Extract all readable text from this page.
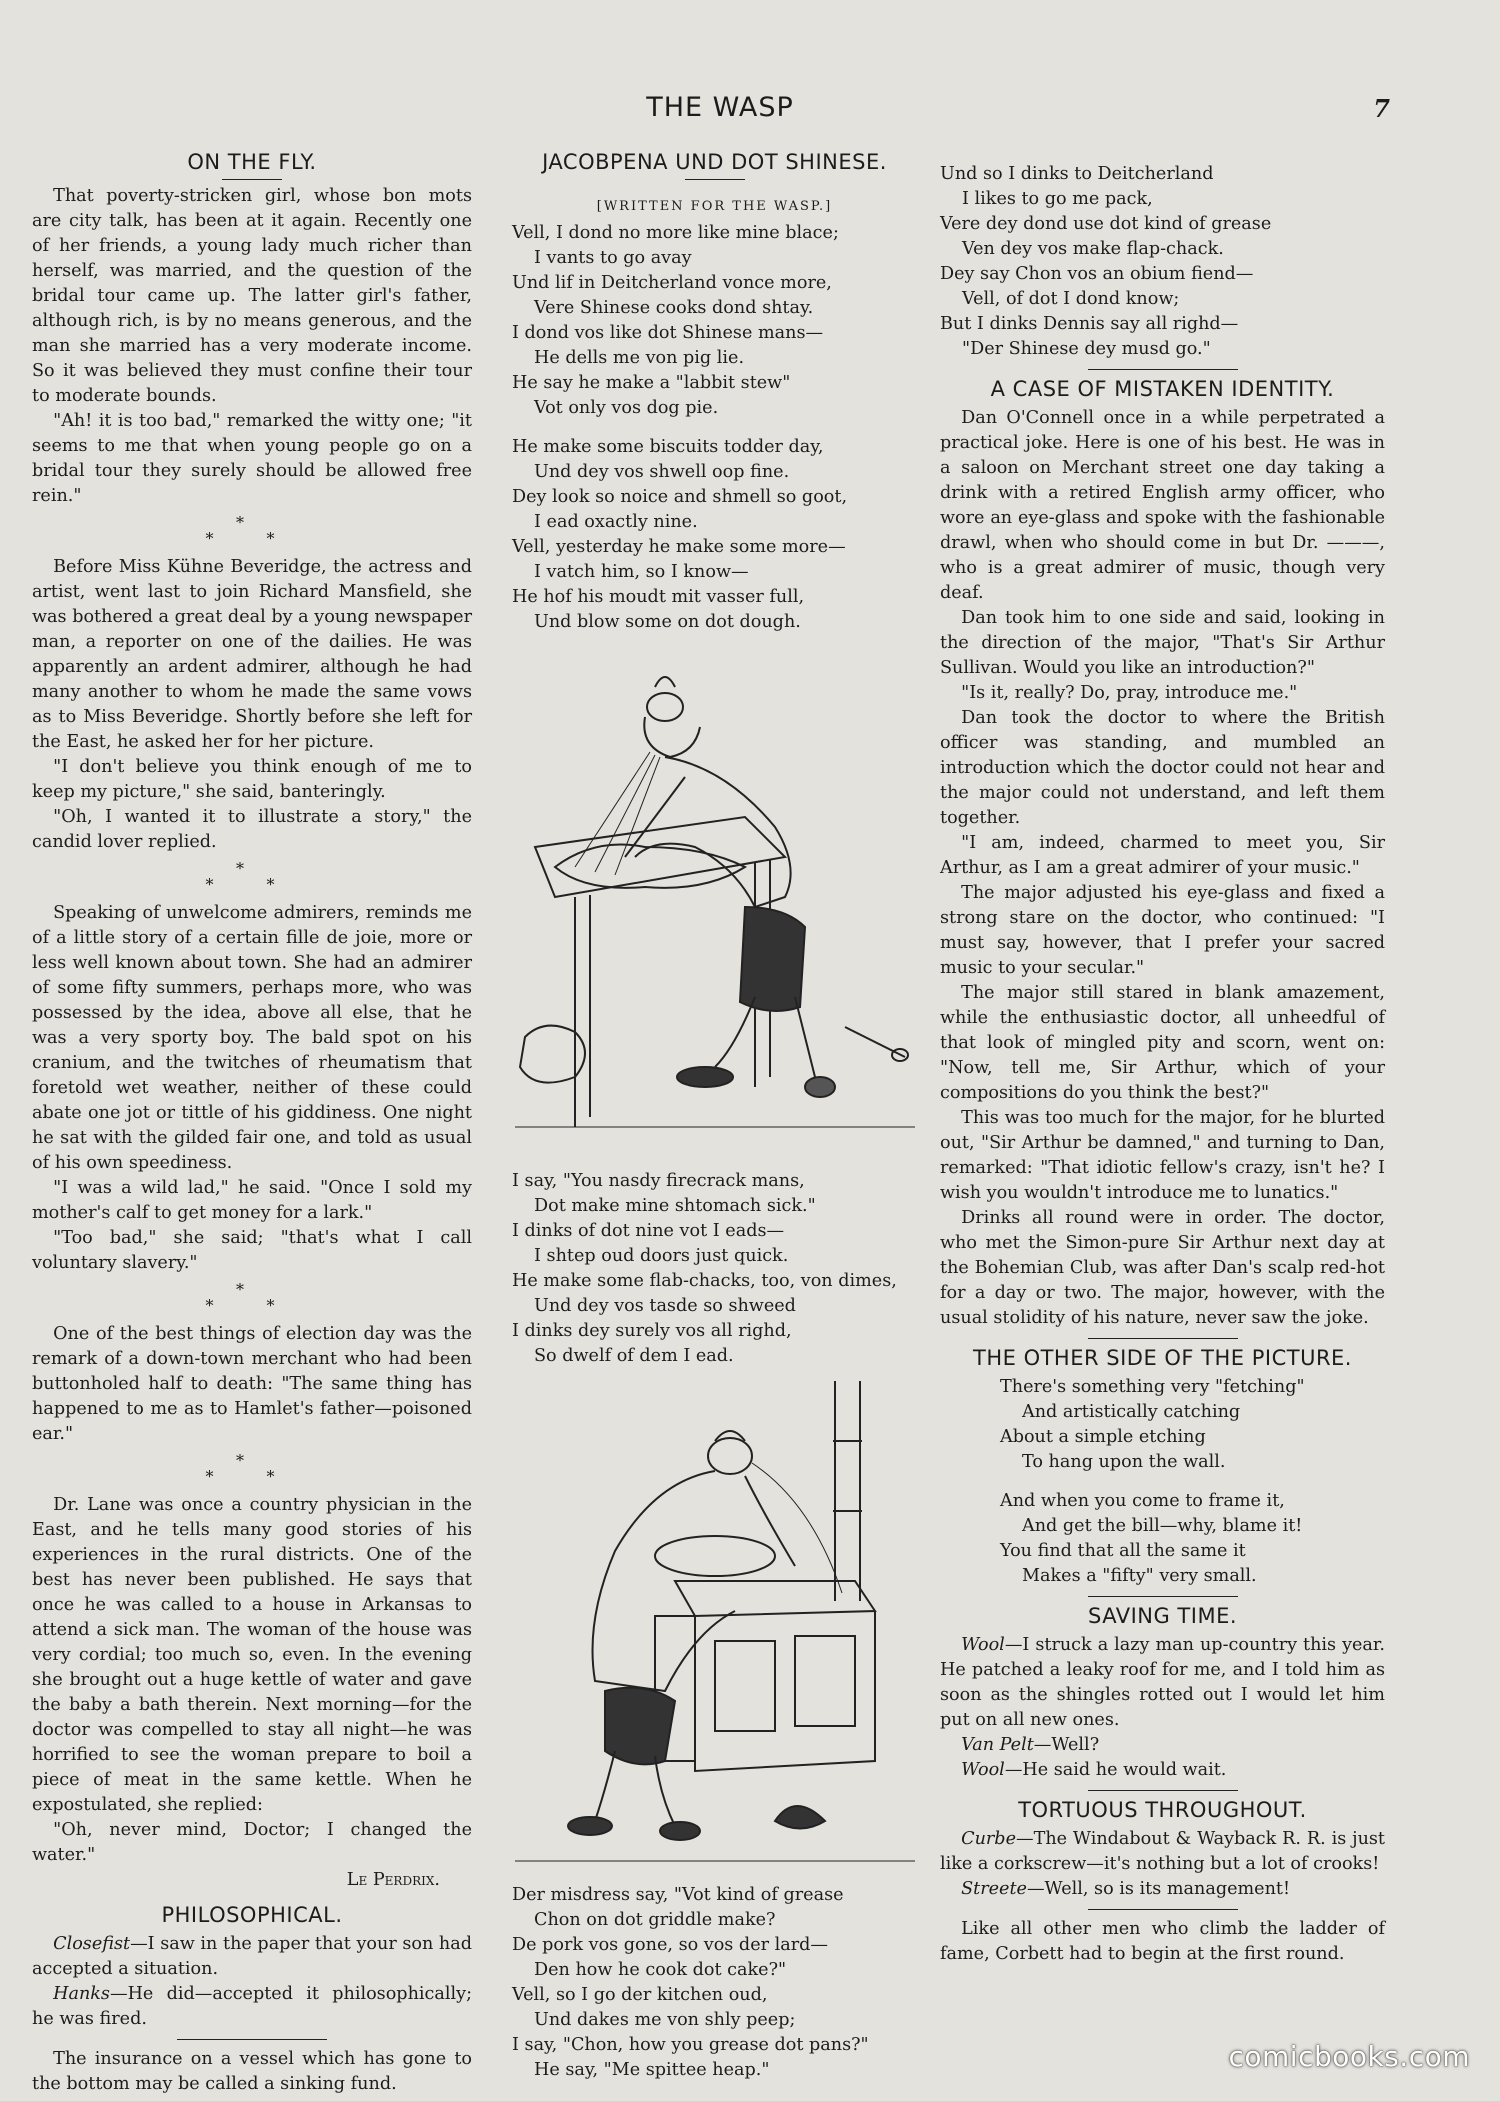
THE WASP	7
ON THE FLY.

That poverty-stricken girl, whose bon mots are city talk, has been at it again. Recently one of her friends, a young lady much richer than herself, was married, and the question of the bridal tour came up. The latter girl's father, although rich, is by no means generous, and the man she married has a very moderate income. So it was believed they must confine their tour to moderate bounds.

"Ah! it is too bad," remarked the witty one; "it seems to me that when young people go on a bridal tour they surely should be allowed free rein."

*
* *

Before Miss Kühne Beveridge, the actress and artist, went last to join Richard Mansfield, she was bothered a great deal by a young newspaper man, a reporter on one of the dailies. He was apparently an ardent admirer, although he had many another to whom he made the same vows as to Miss Beveridge. Shortly before she left for the East, he asked her for her picture.

"I don't believe you think enough of me to keep my picture," she said, banteringly.

"Oh, I wanted it to illustrate a story," the candid lover replied.

*
* *

Speaking of unwelcome admirers, reminds me of a little story of a certain fille de joie, more or less well known about town. She had an admirer of some fifty summers, perhaps more, who was possessed by the idea, above all else, that he was a very sporty boy. The bald spot on his cranium, and the twitches of rheumatism that foretold wet weather, neither of these could abate one jot or tittle of his giddiness. One night he sat with the gilded fair one, and told as usual of his own speediness.

"I was a wild lad," he said. "Once I sold my mother's calf to get money for a lark."

"Too bad," she said; "that's what I call voluntary slavery."

*
* *

One of the best things of election day was the remark of a down-town merchant who had been buttonholed half to death: "The same thing has happened to me as to Hamlet's father—poisoned ear."

*
* *

Dr. Lane was once a country physician in the East, and he tells many good stories of his experiences in the rural districts. One of the best has never been published. He says that once he was called to a house in Arkansas to attend a sick man. The woman of the house was very cordial; too much so, even. In the evening she brought out a huge kettle of water and gave the baby a bath therein. Next morning—for the doctor was compelled to stay all night—he was horrified to see the woman prepare to boil a piece of meat in the same kettle. When he expostulated, she replied:

"Oh, never mind, Doctor; I changed the water."

Le Perdrix.
PHILOSOPHICAL.

Closefist—I saw in the paper that your son had accepted a situation.

Hanks—He did—accepted it philosophically; he was fired.

The insurance on a vessel which has gone to the bottom may be called a sinking fund.

JACOBPENA UND DOT SHINESE.
[WRITTEN FOR THE WASP.]
Vell, I dond no more like mine blace;
I vants to go avay
Und lif in Deitcherland vonce more,
Vere Shinese cooks dond shtay.
I dond vos like dot Shinese mans—
He dells me von pig lie.
He say he make a "labbit stew"
Vot only vos dog pie.
He make some biscuits todder day,
Und dey vos shwell oop fine.
Dey look so noice and shmell so goot,
I ead oxactly nine.
Vell, yesterday he make some more—
I vatch him, so I know—
He hof his moudt mit vasser full,
Und blow some on dot dough.
I say, "You nasdy firecrack mans,
Dot make mine shtomach sick."
I dinks of dot nine vot I eads—
I shtep oud doors just quick.
He make some flab-chacks, too, von dimes,
Und dey vos tasde so shweed
I dinks dey surely vos all righd,
So dwelf of dem I ead.
Der misdress say, "Vot kind of grease
Chon on dot griddle make?
De pork vos gone, so vos der lard—
Den how he cook dot cake?"
Vell, so I go der kitchen oud,
Und dakes me von shly peep;
I say, "Chon, how you grease dot pans?"
He say, "Me spittee heap."
Und so I dinks to Deitcherland
I likes to go me pack,
Vere dey dond use dot kind of grease
Ven dey vos make flap-chack.
Dey say Chon vos an obium fiend—
Vell, of dot I dond know;
But I dinks Dennis say all righd—
"Der Shinese dey musd go."
A CASE OF MISTAKEN IDENTITY.

Dan O'Connell once in a while perpetrated a practical joke. Here is one of his best. He was in a saloon on Merchant street one day taking a drink with a retired English army officer, who wore an eye-glass and spoke with the fashionable drawl, when who should come in but Dr. ———, who is a great admirer of music, though very deaf.

Dan took him to one side and said, looking in the direction of the major, "That's Sir Arthur Sullivan. Would you like an introduction?"

"Is it, really? Do, pray, introduce me."

Dan took the doctor to where the British officer was standing, and mumbled an introduction which the doctor could not hear and the major could not understand, and left them together.

"I am, indeed, charmed to meet you, Sir Arthur, as I am a great admirer of your music."

The major adjusted his eye-glass and fixed a strong stare on the doctor, who continued: "I must say, however, that I prefer your sacred music to your secular."

The major still stared in blank amazement, while the enthusiastic doctor, all unheedful of that look of mingled pity and scorn, went on: "Now, tell me, Sir Arthur, which of your compositions do you think the best?"

This was too much for the major, for he blurted out, "Sir Arthur be damned," and turning to Dan, remarked: "That idiotic fellow's crazy, isn't he? I wish you wouldn't introduce me to lunatics."

Drinks all round were in order. The doctor, who met the Simon-pure Sir Arthur next day at the Bohemian Club, was after Dan's scalp red-hot for a day or two. The major, however, with the usual stolidity of his nature, never saw the joke.

THE OTHER SIDE OF THE PICTURE.
There's something very "fetching"
And artistically catching
About a simple etching
To hang upon the wall.
And when you come to frame it,
And get the bill—why, blame it!
You find that all the same it
Makes a "fifty" very small.
SAVING TIME.

Wool—I struck a lazy man up-country this year. He patched a leaky roof for me, and I told him as soon as the shingles rotted out I would let him put on all new ones.

Van Pelt—Well?

Wool—He said he would wait.

TORTUOUS THROUGHOUT.

Curbe—The Windabout & Wayback R. R. is just like a corkscrew—it's nothing but a lot of crooks!

Streete—Well, so is its management!

Like all other men who climb the ladder of fame, Corbett had to begin at the first round.

comicbooks.com
